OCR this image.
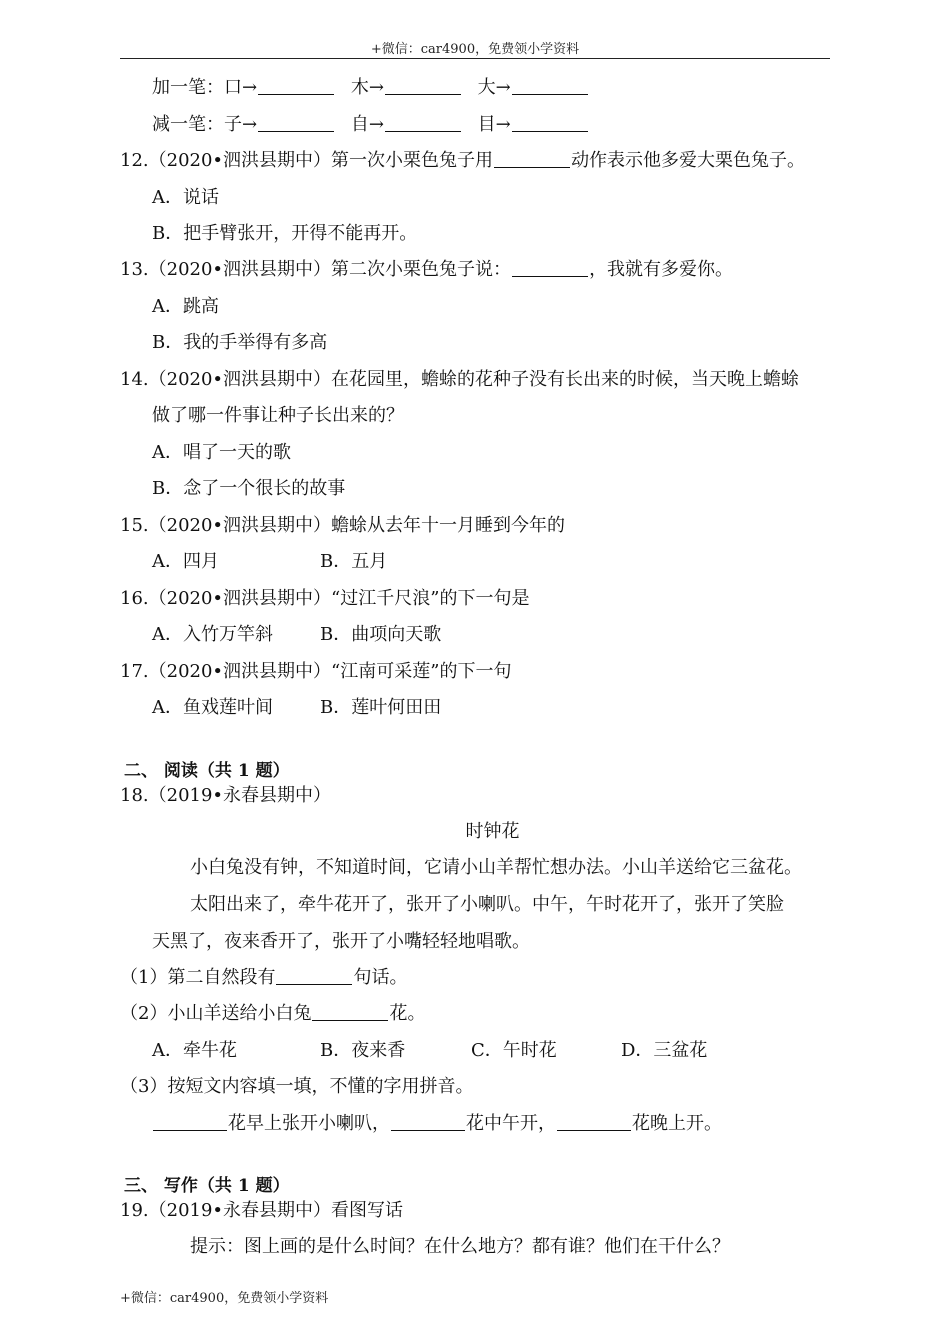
+微信：car4900，免费领小学资料
加一笔：口→	木→	大→
减一笔：子→	自→	目→
12.（2020•泗洪县期中）第一次小栗色兔子用	动作表示他多爱大栗色兔子。
A．说话
B．把手臂张开，开得不能再开。
13.（2020•泗洪县期中）第二次小栗色兔子说：	，我就有多爱你。
A．跳高
B．我的手举得有多高
14.（2020•泗洪县期中）在花园里，蟾蜍的花种子没有长出来的时候，当天晚上蟾蜍
做了哪一件事让种子长出来的？
A．唱了一天的歌
B．念了一个很长的故事
15.（2020•泗洪县期中）蟾蜍从去年十一月睡到今年的
A．四月	B．五月
16.（2020•泗洪县期中）“过江千尺浪”的下一句是
A．入竹万竿斜	B．曲项向天歌
17.（2020•泗洪县期中）“江南可采莲”的下一句
A．鱼戏莲叶间	B．莲叶何田田
二、 阅读（共 1 题）
18.（2019•永春县期中）
时钟花
小白兔没有钟，不知道时间，它请小山羊帮忙想办法。小山羊送给它三盆花。
太阳出来了，牵牛花开了，张开了小喇叭。中午，午时花开了，张开了笑脸
天黑了，夜来香开了，张开了小嘴轻轻地唱歌。
（1）第二自然段有	句话。
（2）小山羊送给小白兔	花。
A．牵牛花	B．夜来香	C．午时花	D．三盆花
（3）按短文内容填一填，不懂的字用拼音。
花早上张开小喇叭，	花中午开，	花晚上开。
三、 写作（共 1 题）
19.（2019•永春县期中）看图写话
提示：图上画的是什么时间？在什么地方？都有谁？他们在干什么？
+微信：car4900，免费领小学资料
